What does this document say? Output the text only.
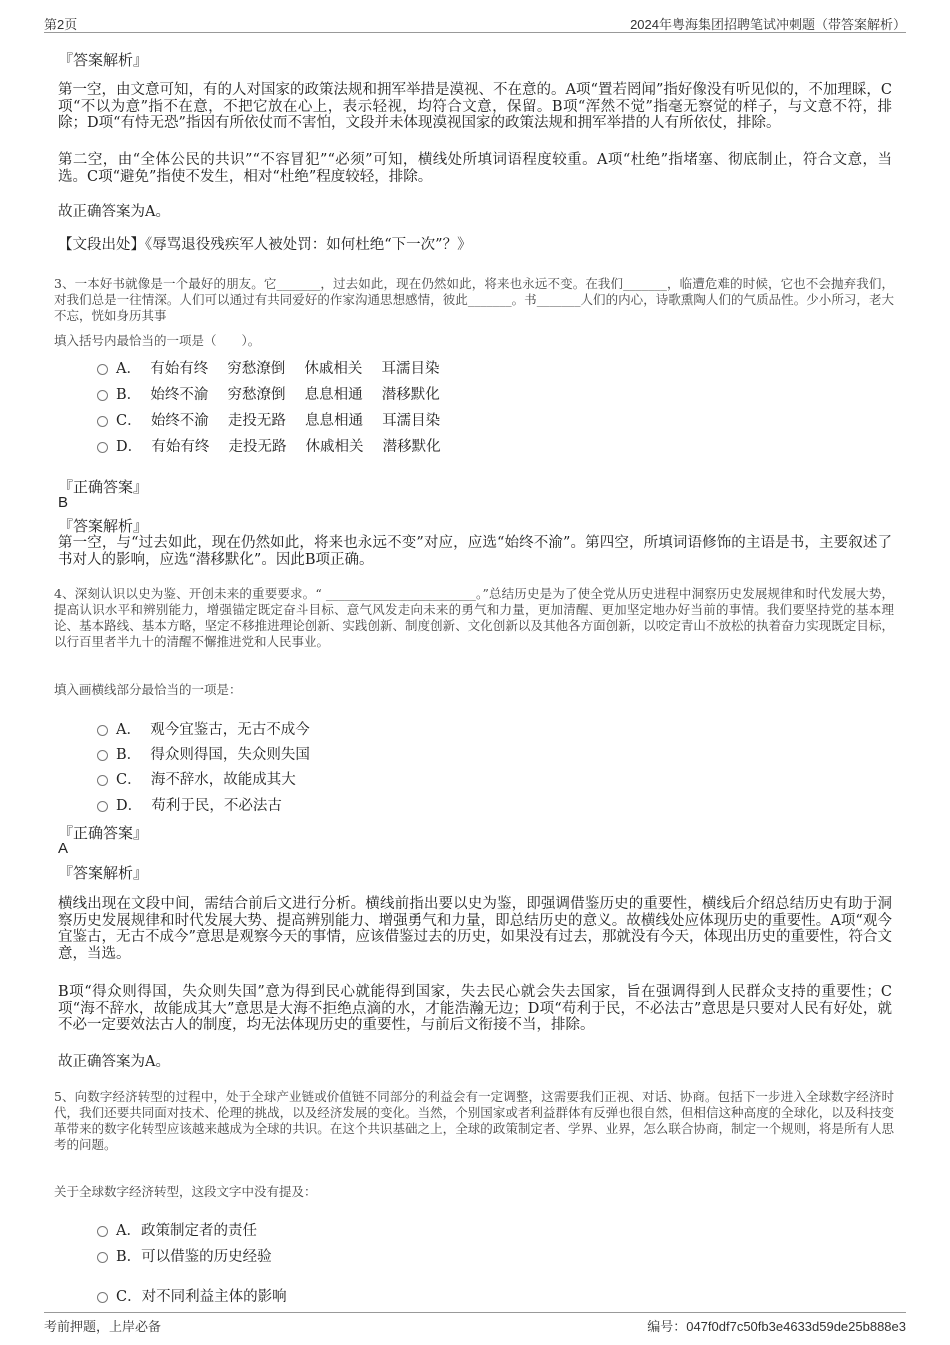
第2页	2024年粤海集团招聘笔试冲刺题（带答案解析）
『答案解析』
第一空，由文意可知，有的人对国家的政策法规和拥军举措是漠视、不在意的。A项“置若罔闻”指好像没有听见似的，不加理睬，C项“不以为意”指不在意，不把它放在心上，表示轻视，均符合文意，保留。B项“浑然不觉”指毫无察觉的样子，与文意不符，排除；D项“有恃无恐”指因有所依仗而不害怕，文段并未体现漠视国家的政策法规和拥军举措的人有所依仗，排除。
第二空，由“全体公民的共识”“不容冒犯”“必须”可知，横线处所填词语程度较重。A项“杜绝”指堵塞、彻底制止，符合文意，当选。C项“避免”指使不发生，相对“杜绝”程度较轻，排除。
故正确答案为A。
【文段出处】《辱骂退役残疾军人被处罚：如何杜绝“下一次”？》
3、一本好书就像是一个最好的朋友。它_______，过去如此，现在仍然如此，将来也永远不变。在我们_______，临遭危难的时候，它也不会抛弃我们，对我们总是一往情深。人们可以通过有共同爱好的作家沟通思想感情，彼此_______。书_______人们的内心，诗歌熏陶人们的气质品性。少小所习，老大不忘，恍如身历其事
填入括号内最恰当的一项是（　　）。
A．  有始有终　 穷愁潦倒　 休戚相关　 耳濡目染
B．  始终不渝　 穷愁潦倒　 息息相通　 潜移默化
C．  始终不渝　 走投无路　 息息相通　 耳濡目染
D．  有始有终　 走投无路　 休戚相关　 潜移默化
『正确答案』
B
『答案解析』
第一空，与“过去如此，现在仍然如此，将来也永远不变”对应，应选“始终不渝”。第四空，所填词语修饰的主语是书，主要叙述了书对人的影响，应选“潜移默化”。因此B项正确。
4、深刻认识以史为鉴、开创未来的重要要求。“ ________________________。”总结历史是为了使全党从历史进程中洞察历史发展规律和时代发展大势，提高认识水平和辨别能力，增强锚定既定奋斗目标、意气风发走向未来的勇气和力量，更加清醒、更加坚定地办好当前的事情。我们要坚持党的基本理论、基本路线、基本方略，坚定不移推进理论创新、实践创新、制度创新、文化创新以及其他各方面创新，以咬定青山不放松的执着奋力实现既定目标，以行百里者半九十的清醒不懈推进党和人民事业。
填入画横线部分最恰当的一项是：
A．  观今宜鉴古，无古不成今
B．  得众则得国，失众则失国
C．  海不辞水，故能成其大
D．  苟利于民，不必法古
『正确答案』
A
『答案解析』
横线出现在文段中间，需结合前后文进行分析。横线前指出要以史为鉴，即强调借鉴历史的重要性，横线后介绍总结历史有助于洞察历史发展规律和时代发展大势、提高辨别能力、增强勇气和力量，即总结历史的意义。故横线处应体现历史的重要性。A项“观今宜鉴古，无古不成今”意思是观察今天的事情，应该借鉴过去的历史，如果没有过去，那就没有今天，体现出历史的重要性，符合文意，当选。
B项“得众则得国，失众则失国”意为得到民心就能得到国家，失去民心就会失去国家，旨在强调得到人民群众支持的重要性；C项“海不辞水，故能成其大”意思是大海不拒绝点滴的水，才能浩瀚无边；D项“苟利于民，不必法古”意思是只要对人民有好处，就不必一定要效法古人的制度，均无法体现历史的重要性，与前后文衔接不当，排除。
故正确答案为A。
5、向数字经济转型的过程中，处于全球产业链或价值链不同部分的利益会有一定调整，这需要我们正视、对话、协商。包括下一步进入全球数字经济时代，我们还要共同面对技术、伦理的挑战，以及经济发展的变化。当然，个别国家或者利益群体有反弹也很自然，但相信这种高度的全球化，以及科技变革带来的数字化转型应该越来越成为全球的共识。在这个共识基础之上，全球的政策制定者、学界、业界，怎么联合协商，制定一个规则，将是所有人思考的问题。
关于全球数字经济转型，这段文字中没有提及：
A．政策制定者的责任
B．可以借鉴的历史经验
C．对不同利益主体的影响
考前押题，上岸必备	编号：047f0df7c50fb3e4633d59de25b888e3
